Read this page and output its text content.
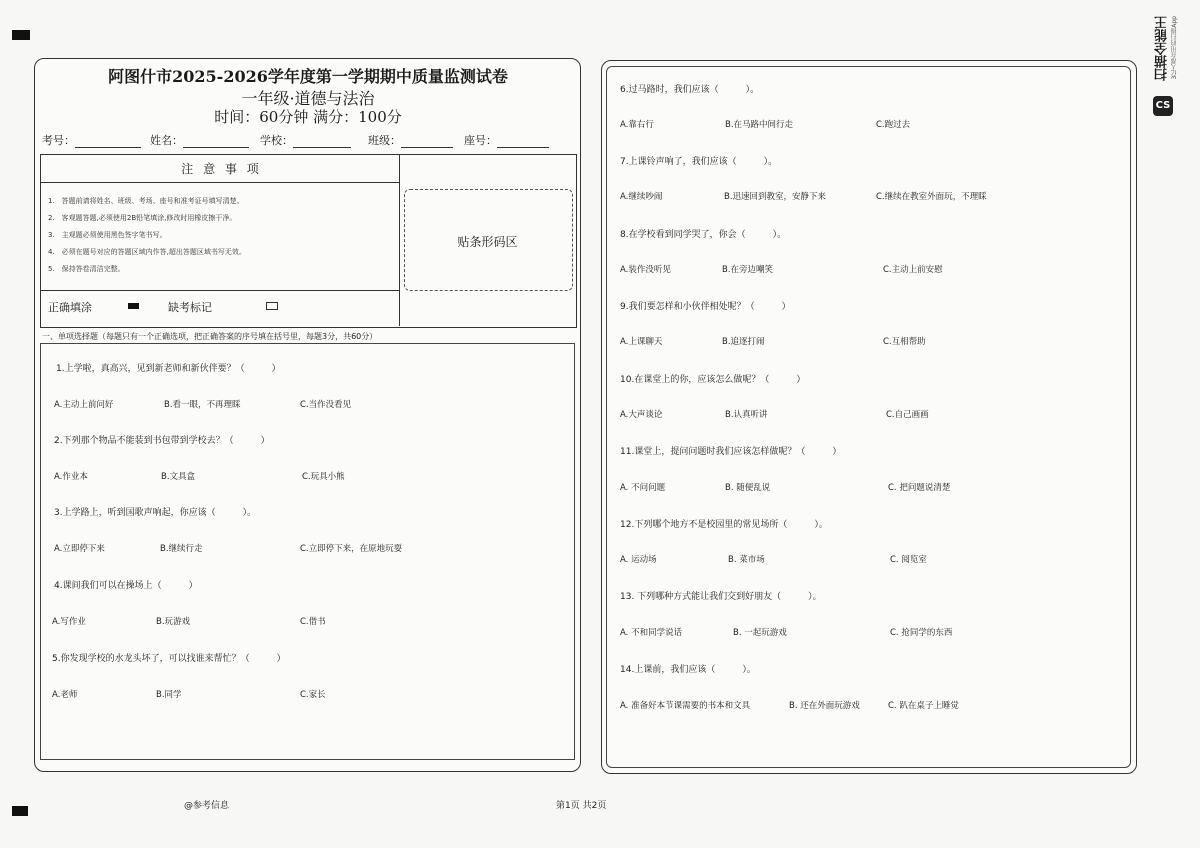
CS
扫描全能王 3亿人都在用的扫描App
阿图什市2025-2026学年度第一学期期中质量监测试卷
一年级·道德与法治
时间：60分钟 满分：100分
考号：	姓名：	学校：	班级：	座号：
注 意 事 项
1.　答题前请将姓名、班级、考场、座号和准考证号填写清楚。
2.　客观题答题,必须使用2B铅笔填涂,修改时用橡皮擦干净。
3.　主观题必须使用黑色签字笔书写。
4.　必须在题号对应的答题区域内作答,超出答题区域书写无效。
5.　保持答卷清洁完整。
正确填涂	缺考标记
贴条形码区
一、单项选择题（每题只有一个正确选项，把正确答案的序号填在括号里，每题3分，共60分）
1.上学啦，真高兴，见到新老师和新伙伴要？（　　　）
A.主动上前问好	B.看一眼，不再理睬	C.当作没看见
2.下列那个物品不能装到书包带到学校去？（　　　）
A.作业本	B.文具盒	C.玩具小熊
3.上学路上，听到国歌声响起，你应该（　　　）。
A.立即停下来	B.继续行走	C.立即停下来，在原地玩耍
4.课间我们可以在操场上（　　　）
A.写作业	B.玩游戏	C.借书
5.你发现学校的水龙头坏了，可以找谁来帮忙？（　　　）
A.老师	B.同学	C.家长
6.过马路时，我们应该（　　　）。
A.靠右行	B.在马路中间行走	C.跑过去
7.上课铃声响了，我们应该（　　　）。
A.继续吵闹	B.迅速回到教室，安静下来	C.继续在教室外面玩，不理睬
8.在学校看到同学哭了，你会（　　　）。
A.装作没听见	B.在旁边嘲笑	C.主动上前安慰
9.我们要怎样和小伙伴相处呢？（　　　）
A.上课聊天	B.追逐打闹	C.互相帮助
10.在课堂上的你，应该怎么做呢？（　　　）
A.大声谈论	B.认真听讲	C.自己画画
11.课堂上，提问问题时我们应该怎样做呢？（　　　）
A. 不问问题	B. 随便乱说	C. 把问题说清楚
12.下列哪个地方不是校园里的常见场所（　　　）。
A. 运动场	B. 菜市场	C. 阅览室
13. 下列哪种方式能让我们交到好朋友（　　　）。
A. 不和同学说话	B. 一起玩游戏	C. 抢同学的东西
14.上课前，我们应该（　　　）。
A. 准备好本节课需要的书本和文具	B. 还在外面玩游戏	C. 趴在桌子上睡觉
@参考信息	第1页 共2页
